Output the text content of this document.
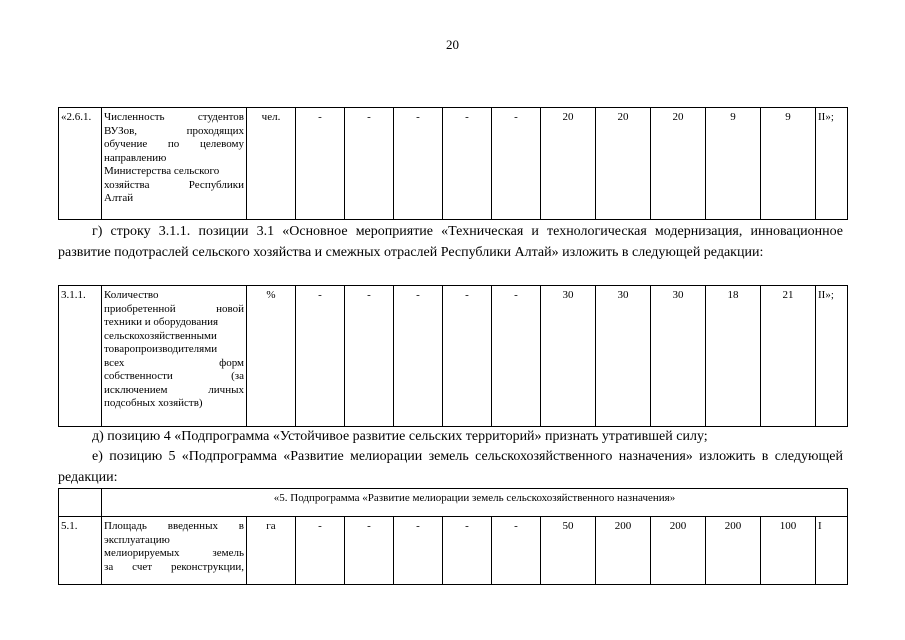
20
«2.6.1.	Численность студентов
ВУЗов, проходящих
обучение по целевому
направлению
Министерства сельского
хозяйства Республики
Алтай
	чел.	-	-	-	-	-	20	20	20	9	9	II»;
г) строку 3.1.1. позиции 3.1 «Основное мероприятие «Техническая и технологическая модернизация, инновационное развитие подотраслей сельского хозяйства и смежных отраслей Республики Алтай» изложить в следующей редакции:
3.1.1.	Количество
приобретенной новой
техники и оборудования
сельскохозяйственными
товаропроизводителями
всех форм
собственности (за
исключением личных
подсобных хозяйств)
	%	-	-	-	-	-	30	30	30	18	21	II»;
д) позицию 4 «Подпрограмма «Устойчивое развитие сельских территорий» признать утратившей силу;
е) позицию 5 «Подпрограмма «Развитие мелиорации земель сельскохозяйственного назначения» изложить в следующей редакции:
	«5. Подпрограмма «Развитие мелиорации земель сельскохозяйственного назначения»												
5.1.	Площадь введенных в
эксплуатацию
мелиорируемых земель
за счет реконструкции,	га	-	-	-	-	-	50	200	200	200	100	I
